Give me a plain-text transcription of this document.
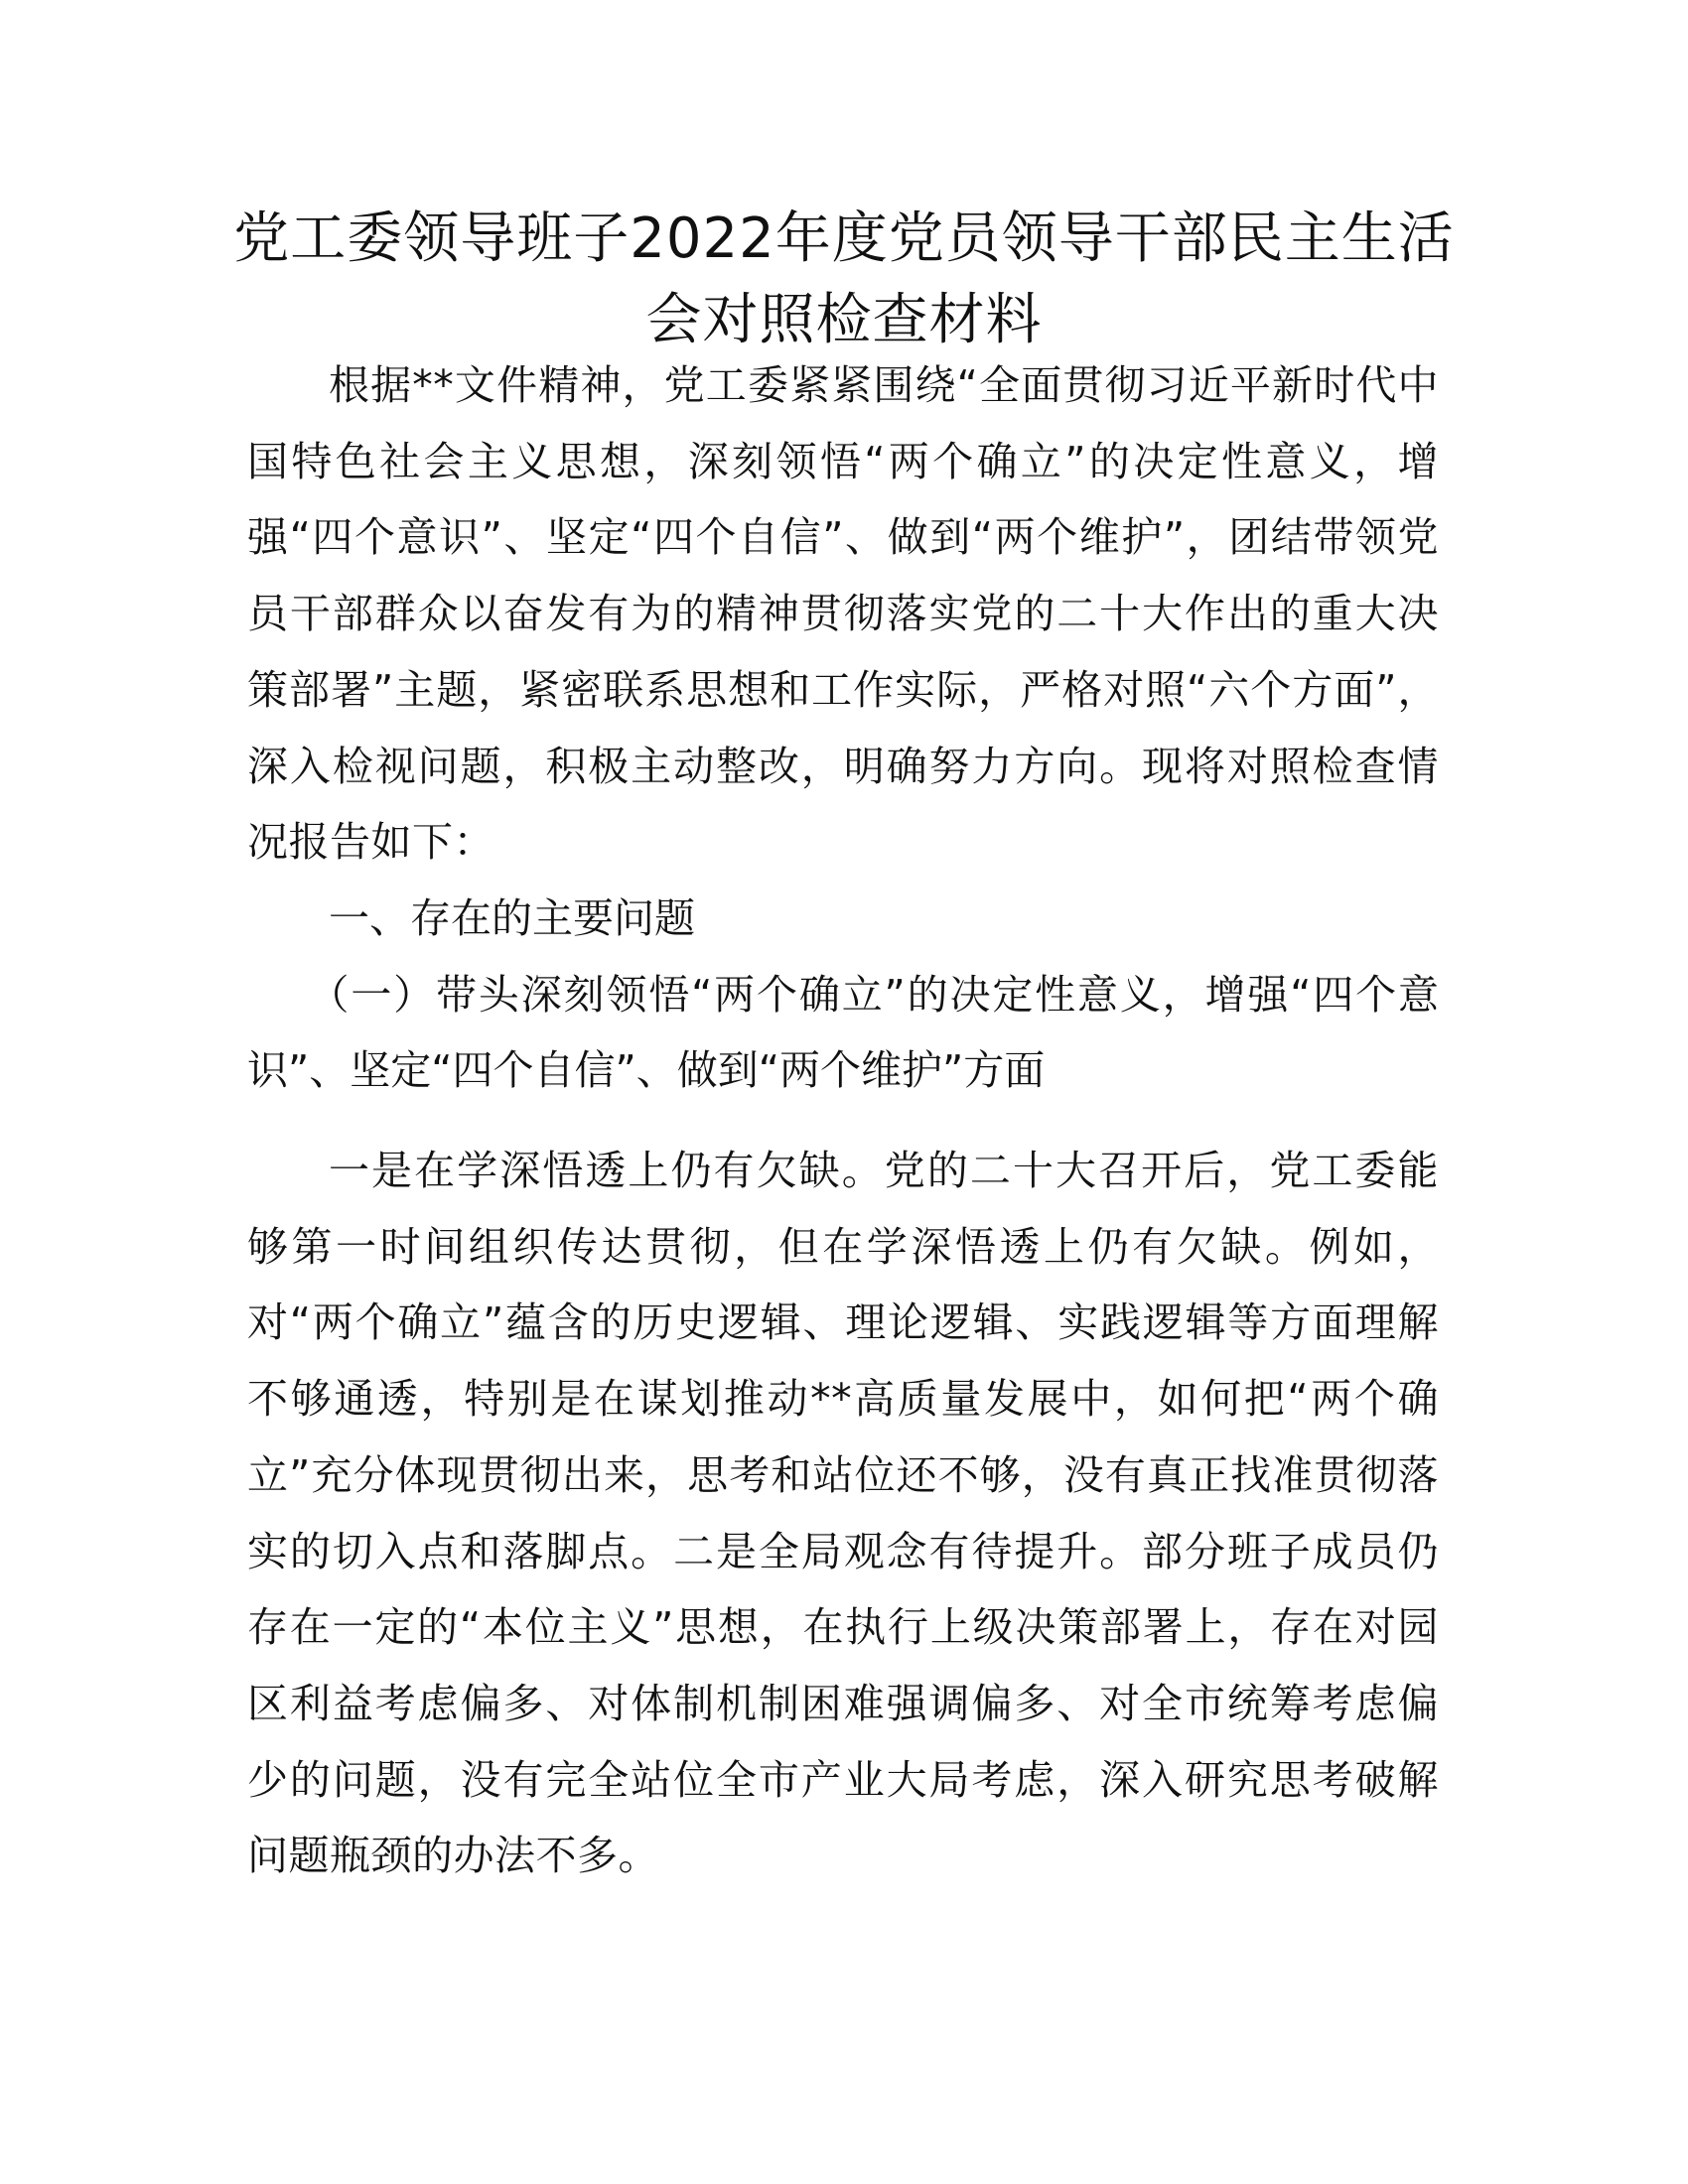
党工委领导班子2022年度党员领导干部民主生活会对照检查材料

根据**文件精神，党工委紧紧围绕“全面贯彻习近平新时代中国特色社会主义思想，深刻领悟“两个确立”的决定性意义，增强“四个意识”、坚定“四个自信”、做到“两个维护”，团结带领党员干部群众以奋发有为的精神贯彻落实党的二十大作出的重大决策部署”主题，紧密联系思想和工作实际，严格对照“六个方面”，深入检视问题，积极主动整改，明确努力方向。现将对照检查情况报告如下：

一、存在的主要问题

（一）带头深刻领悟“两个确立”的决定性意义，增强“四个意识”、坚定“四个自信”、做到“两个维护”方面

一是在学深悟透上仍有欠缺。党的二十大召开后，党工委能够第一时间组织传达贯彻，但在学深悟透上仍有欠缺。例如，对“两个确立”蕴含的历史逻辑、理论逻辑、实践逻辑等方面理解不够通透，特别是在谋划推动**高质量发展中，如何把“两个确立”充分体现贯彻出来，思考和站位还不够，没有真正找准贯彻落实的切入点和落脚点。二是全局观念有待提升。部分班子成员仍存在一定的“本位主义”思想，在执行上级决策部署上，存在对园区利益考虑偏多、对体制机制困难强调偏多、对全市统筹考虑偏少的问题，没有完全站位全市产业大局考虑，深入研究思考破解问题瓶颈的办法不多。
